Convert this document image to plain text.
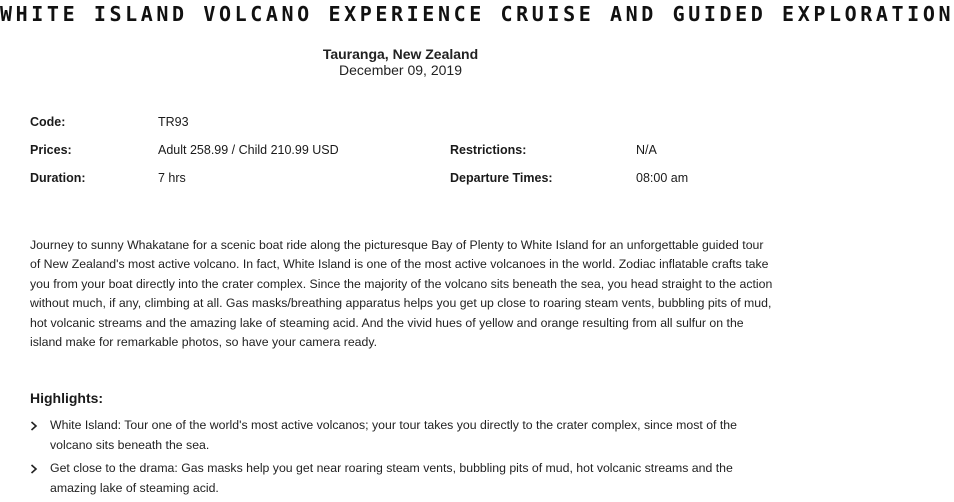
WHITE ISLAND VOLCANO EXPERIENCE CRUISE AND GUIDED EXPLORATION
Tauranga, New Zealand
December 09, 2019
Code:	TR93
Prices:	Adult 258.99 / Child 210.99 USD
Duration:	7 hrs
Restrictions:	N/A
Departure Times:	08:00 am

Journey to sunny Whakatane for a scenic boat ride along the picturesque Bay of Plenty to White Island for an unforgettable guided tour of New Zealand's most active volcano. In fact, White Island is one of the most active volcanoes in the world. Zodiac inflatable crafts take you from your boat directly into the crater complex. Since the majority of the volcano sits beneath the sea, you head straight to the action without much, if any, climbing at all. Gas masks/breathing apparatus helps you get up close to roaring steam vents, bubbling pits of mud, hot volcanic streams and the amazing lake of steaming acid. And the vivid hues of yellow and orange resulting from all sulfur on the island make for remarkable photos, so have your camera ready.

Highlights:
White Island: Tour one of the world's most active volcanos; your tour takes you directly to the crater complex, since most of the volcano sits beneath the sea.
Get close to the drama: Gas masks help you get near roaring steam vents, bubbling pits of mud, hot volcanic streams and the amazing lake of steaming acid.
